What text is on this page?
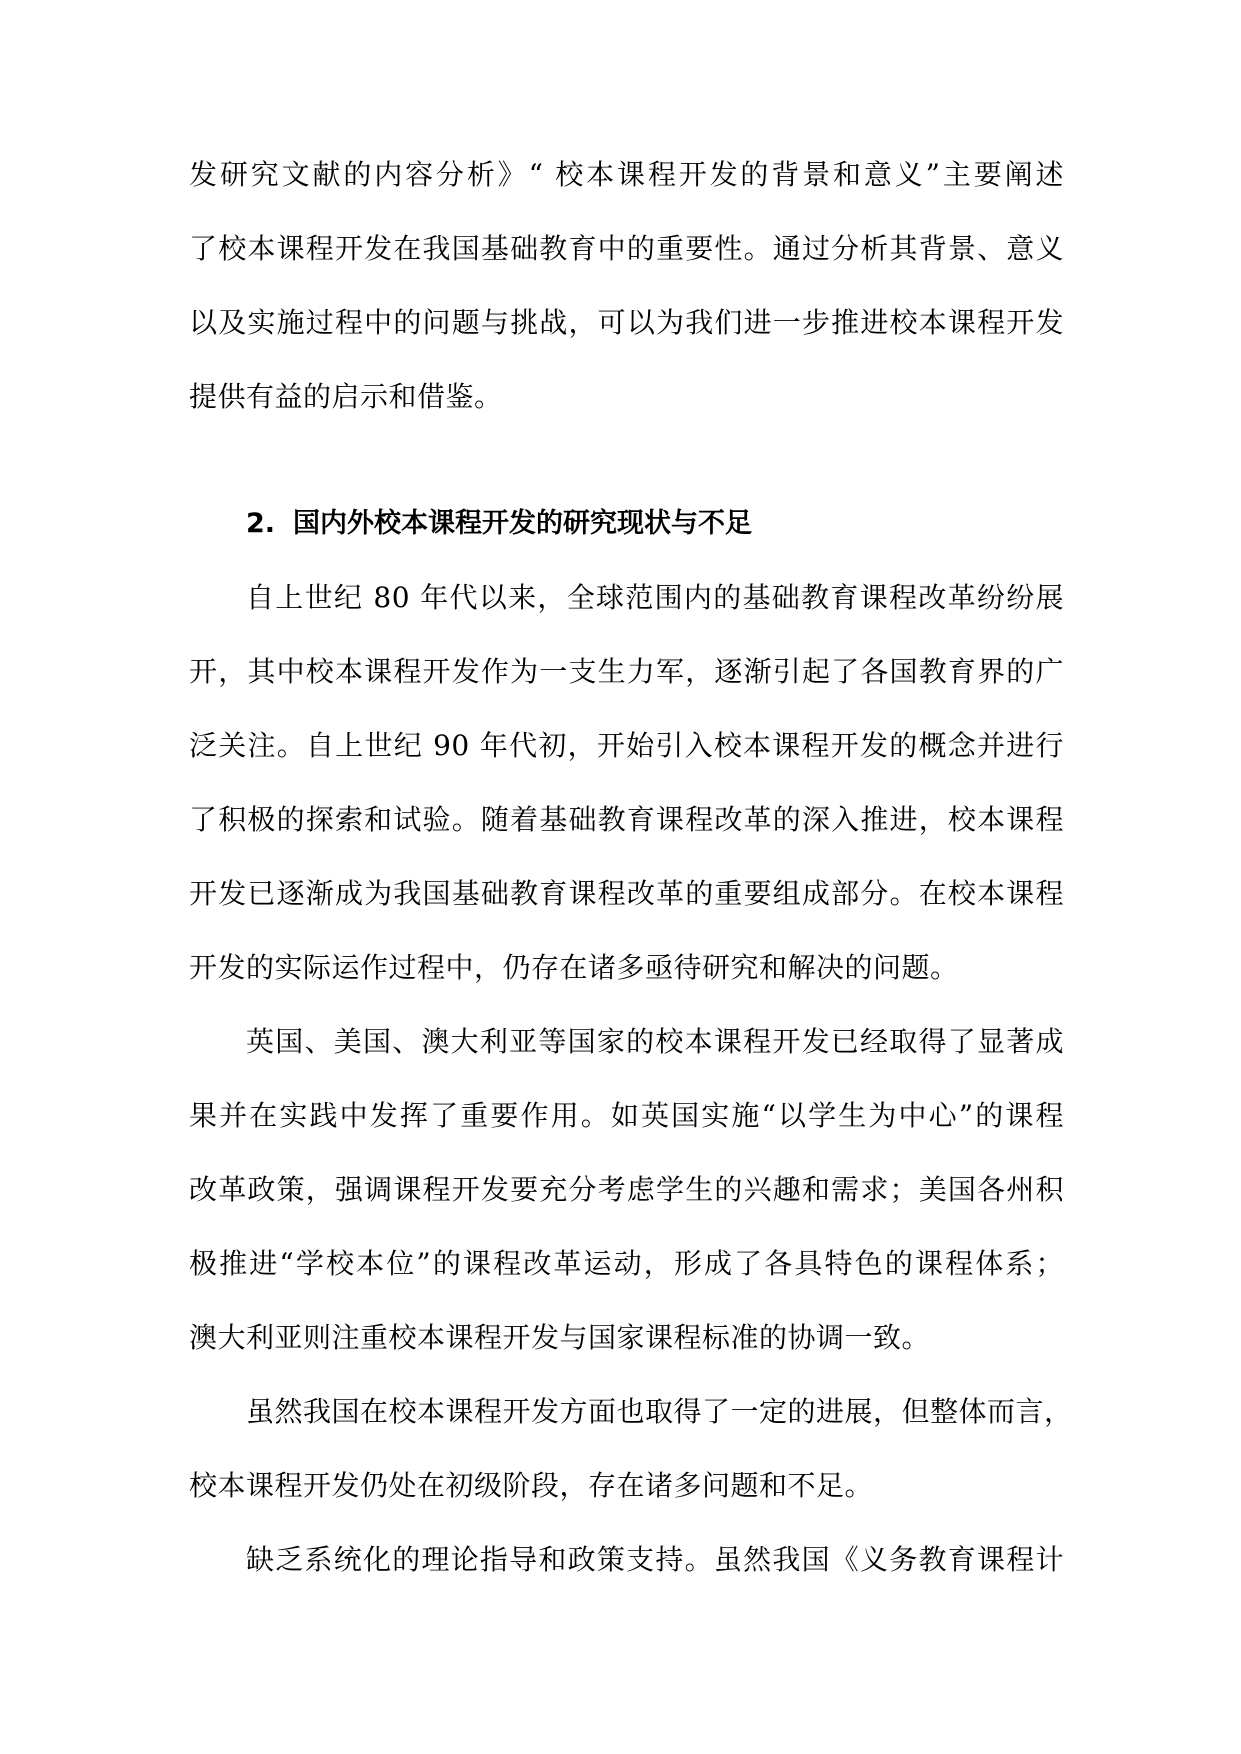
发研究文献的内容分析》“ 校本课程开发的背景和意义”主要阐述
了校本课程开发在我国基础教育中的重要性。通过分析其背景、意义
以及实施过程中的问题与挑战，可以为我们进一步推进校本课程开发
提供有益的启示和借鉴。
2. 国内外校本课程开发的研究现状与不足
自上世纪 80 年代以来，全球范围内的基础教育课程改革纷纷展
开，其中校本课程开发作为一支生力军，逐渐引起了各国教育界的广
泛关注。自上世纪 90 年代初，开始引入校本课程开发的概念并进行
了积极的探索和试验。随着基础教育课程改革的深入推进，校本课程
开发已逐渐成为我国基础教育课程改革的重要组成部分。在校本课程
开发的实际运作过程中，仍存在诸多亟待研究和解决的问题。
英国、美国、澳大利亚等国家的校本课程开发已经取得了显著成
果并在实践中发挥了重要作用。如英国实施“以学生为中心”的课程
改革政策，强调课程开发要充分考虑学生的兴趣和需求；美国各州积
极推进“学校本位”的课程改革运动，形成了各具特色的课程体系；
澳大利亚则注重校本课程开发与国家课程标准的协调一致。
虽然我国在校本课程开发方面也取得了一定的进展，但整体而言，
校本课程开发仍处在初级阶段，存在诸多问题和不足。
缺乏系统化的理论指导和政策支持。虽然我国《义务教育课程计
